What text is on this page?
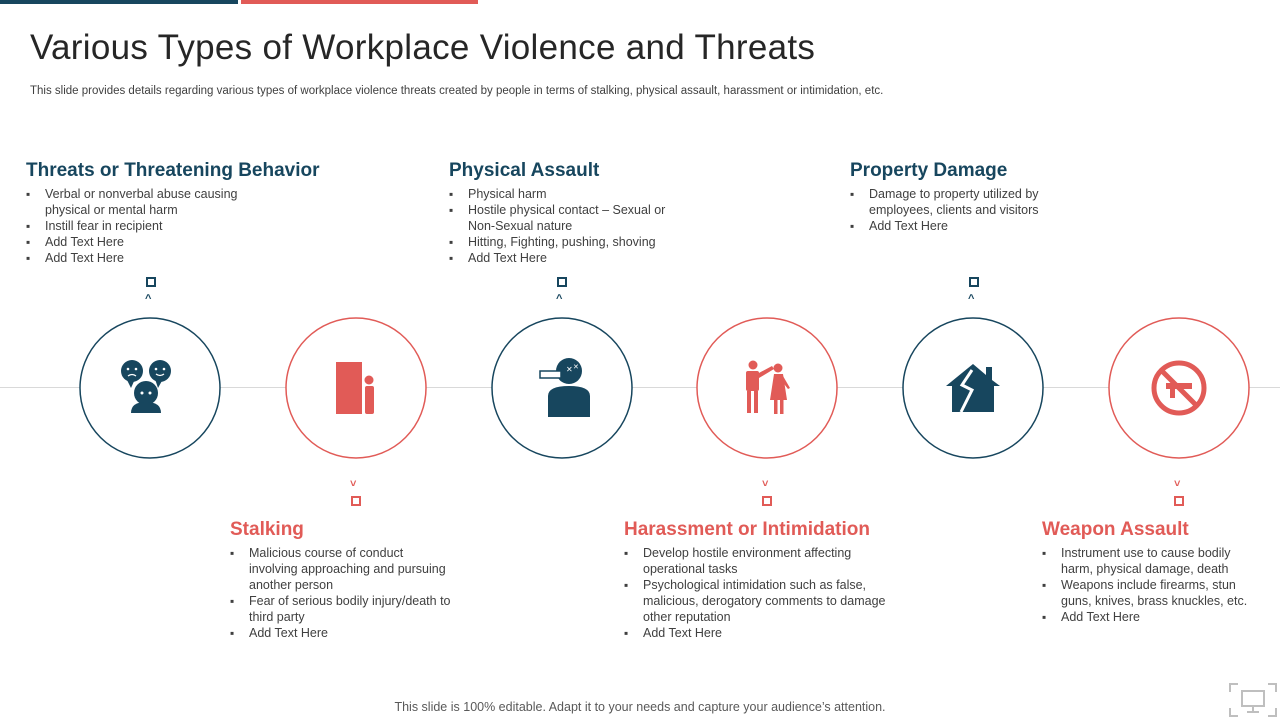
Various Types of Workplace Violence and Threats
This slide provides details regarding various types of workplace violence threats created by people in terms of stalking, physical assault, harassment or intimidation, etc.
✕ ✕
^	^	^
˅	˅	˅
Threats or Threatening Behavior
▪ Verbal or nonverbal abuse causing physical or mental harm
▪ Instill fear in recipient
▪ Add Text Here
▪ Add Text Here
Physical Assault
▪ Physical harm
▪ Hostile physical contact – Sexual or Non-Sexual nature
▪ Hitting, Fighting, pushing, shoving
▪ Add Text Here
Property Damage
▪ Damage to property utilized by employees, clients and visitors
▪ Add Text Here
Stalking
▪ Malicious course of conduct involving approaching and pursuing another person
▪ Fear of serious bodily injury/death to third party
▪ Add Text Here
Harassment or Intimidation
▪ Develop hostile environment affecting operational tasks
▪ Psychological intimidation such as false, malicious, derogatory comments to damage other reputation
▪ Add Text Here
Weapon Assault
▪ Instrument use to cause bodily harm, physical damage, death
▪ Weapons include firearms, stun guns, knives, brass knuckles, etc.
▪ Add Text Here
This slide is 100% editable. Adapt it to your needs and capture your audience’s attention.
